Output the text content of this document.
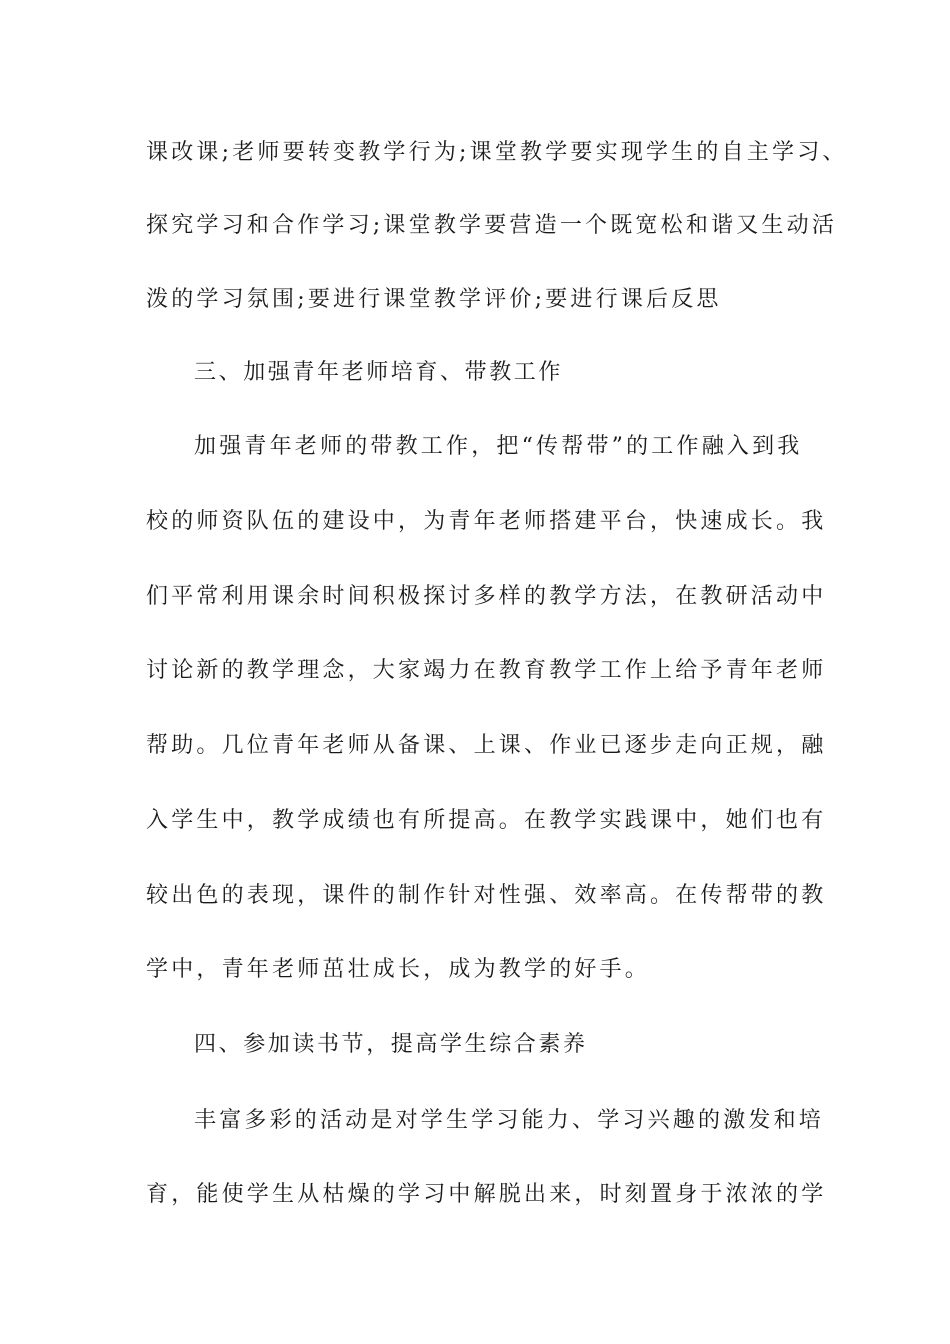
课改课;老师要转变教学行为;课堂教学要实现学生的自主学习、
探究学习和合作学习;课堂教学要营造一个既宽松和谐又生动活
泼的学习氛围;要进行课堂教学评价;要进行课后反思
三、加强青年老师培育、带教工作
加强青年老师的带教工作，把“传帮带”的工作融入到我
校的师资队伍的建设中，为青年老师搭建平台，快速成长。我
们平常利用课余时间积极探讨多样的教学方法，在教研活动中
讨论新的教学理念，大家竭力在教育教学工作上给予青年老师
帮助。几位青年老师从备课、上课、作业已逐步走向正规，融
入学生中，教学成绩也有所提高。在教学实践课中，她们也有
较出色的表现，课件的制作针对性强、效率高。在传帮带的教
学中，青年老师茁壮成长，成为教学的好手。
四、参加读书节，提高学生综合素养
丰富多彩的活动是对学生学习能力、学习兴趣的激发和培
育，能使学生从枯燥的学习中解脱出来，时刻置身于浓浓的学
